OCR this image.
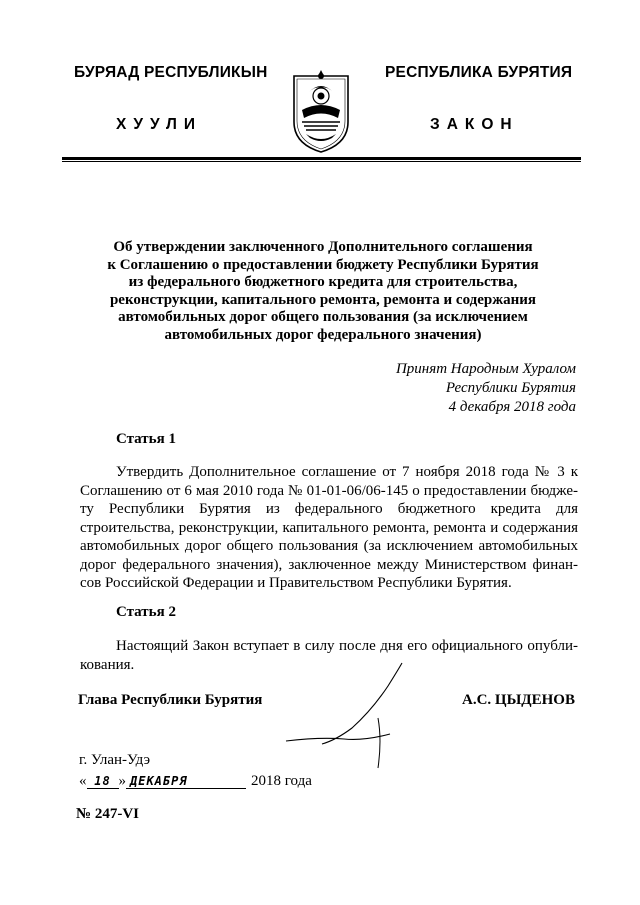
БУРЯАД РЕСПУБЛИКЫН
ХУУЛИ
РЕСПУБЛИКА БУРЯТИЯ
ЗАКОН
Об утверждении заключенного Дополнительного соглашения
к Соглашению о предоставлении бюджету Республики Бурятия
из федерального бюджетного кредита для строительства,
реконструкции, капитального ремонта, ремонта и содержания
автомобильных дорог общего пользования (за исключением
автомобильных дорог федерального значения)
Принят Народным Хуралом
Республики Бурятия
4 декабря 2018 года
Статья 1
Утвердить Дополнительное соглашение от 7 ноября 2018 года № 3 к
Соглашению от 6 мая 2010 года № 01-01-06/06-145 о предоставлении бюдже-
ту Республики Бурятия из федерального бюджетного кредита для
строительства, реконструкции, капитального ремонта, ремонта и содержания
автомобильных дорог общего пользования (за исключением автомобильных
дорог федерального значения), заключенное между Министерством финан-
сов Российской Федерации и Правительством Республики Бурятия.
Статья 2
Настоящий Закон вступает в силу после дня его официального опубли-
кования.
Глава Республики Бурятия	А.С. ЦЫДЕНОВ
г. Улан-Удэ
« 18 » ДЕКАБРЯ	2018 года
№ 247-VI
